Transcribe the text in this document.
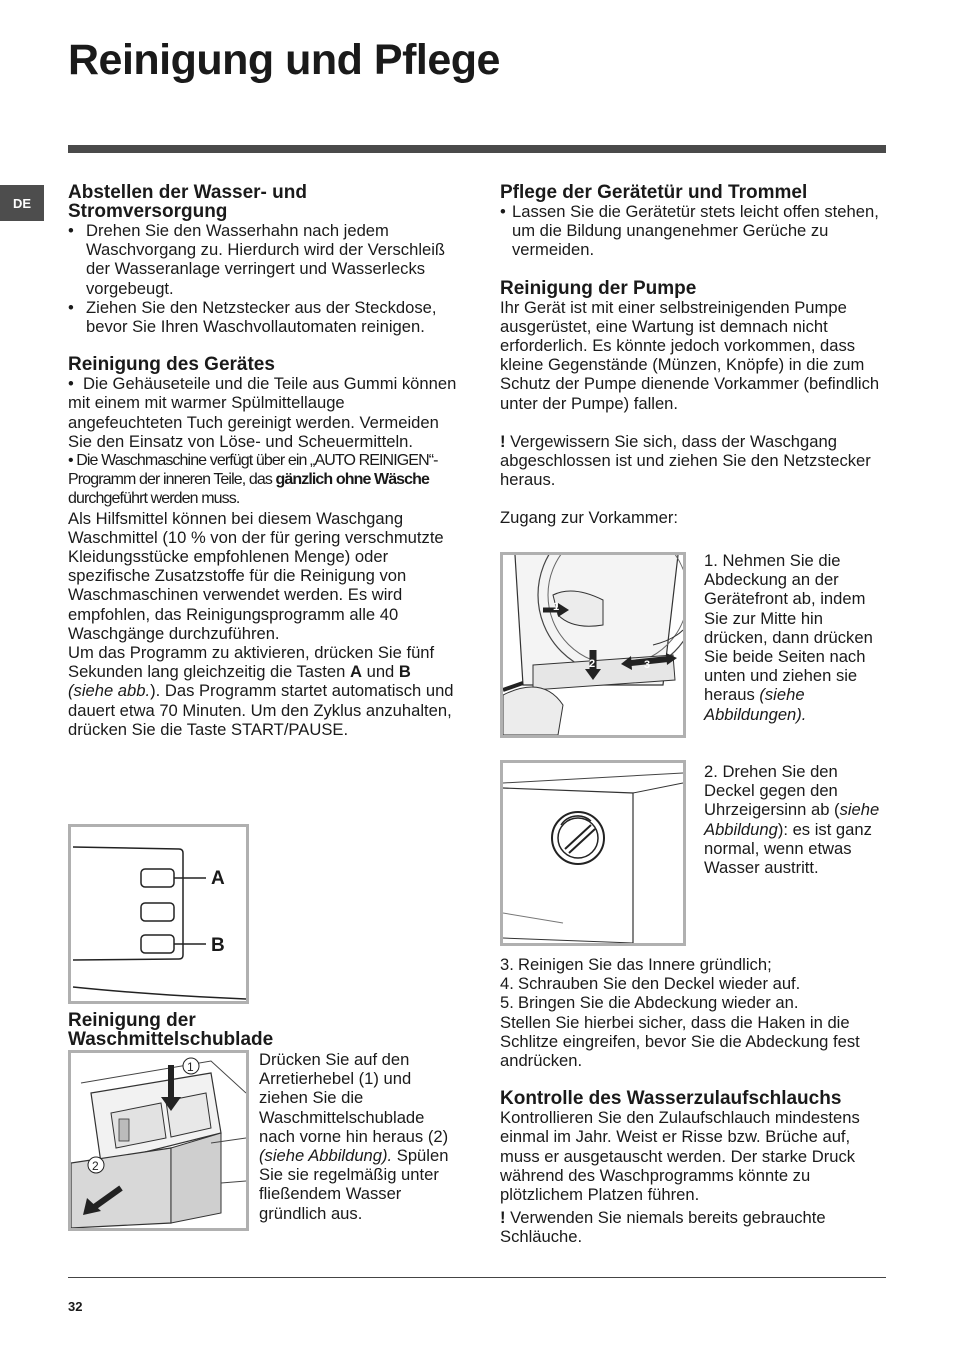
Reinigung und Pflege
DE	Abstellen der Wasser- und Stromversorgung
• Drehen Sie den Wasserhahn nach jedem Waschvorgang zu. Hierdurch wird der Verschleiß der Wasseranlage verringert und Wasserlecks vorgebeugt.
• Ziehen Sie den Netzstecker aus der Steckdose, bevor Sie Ihren Waschvollautomaten reinigen.
Reinigung des Gerätes

•  Die Gehäuseteile und die Teile aus Gummi können mit einem mit warmer Spülmittellauge angefeuchteten Tuch gereinigt werden. Vermeiden Sie den Einsatz von Löse- und Scheuermitteln.

• Die Waschmaschine verfügt über ein „AUTO REINIGEN“-Programm der inneren Teile, das gänzlich ohne Wäsche durchgeführt werden muss.

Als Hilfsmittel können bei diesem Waschgang Waschmittel (10 % von der für gering verschmutzte Kleidungsstücke empfohlenen Menge) oder spezifische Zusatzstoffe für die Reinigung von Waschmaschinen verwendet werden. Es wird empfohlen, das Reinigungsprogramm alle 40 Waschgänge durchzuführen.

Um das Programm zu aktivieren, drücken Sie fünf Sekunden lang gleichzeitig die Tasten A und B (siehe abb.). Das Programm startet automatisch und dauert etwa 70 Minuten. Um den Zyklus anzuhalten, drücken Sie die Taste START/PAUSE.

A
B
Reinigung der Waschmittelschublade
1
2
Drücken Sie auf den Arretierhebel (1) und ziehen Sie die Waschmittelschublade nach vorne hin heraus (2) (siehe Abbildung). Spülen Sie sie regelmäßig unter fließendem Wasser gründlich aus.
Pflege der Gerätetür und Trommel
• Lassen Sie die Gerätetür stets leicht offen stehen, um die Bildung unangenehmer Gerüche zu vermeiden.
Reinigung der Pumpe

Ihr Gerät ist mit einer selbstreinigenden Pumpe ausgerüstet, eine Wartung ist demnach nicht erforderlich. Es könnte jedoch vorkommen, dass kleine Gegenstände (Münzen, Knöpfe) in die zum Schutz der Pumpe dienende Vorkammer (befindlich unter der Pumpe) fallen.

! Vergewissern Sie sich, dass der Waschgang abgeschlossen ist und ziehen Sie den Netzstecker heraus.

Zugang zur Vorkammer:

1
2	3
1. Nehmen Sie die Abdeckung an der Gerätefront ab, indem Sie zur Mitte hin drücken, dann drücken Sie beide Seiten nach unten und ziehen sie heraus (siehe Abbildungen).
2. Drehen Sie den Deckel gegen den Uhrzeigersinn ab (siehe Abbildung): es ist ganz normal, wenn etwas Wasser austritt.
3. Reinigen Sie das Innere gründlich;
4. Schrauben Sie den Deckel wieder auf.
5. Bringen Sie die Abdeckung wieder an.

Stellen Sie hierbei sicher, dass die Haken in die Schlitze eingreifen, bevor Sie die Abdeckung fest andrücken.

Kontrolle des Wasserzulaufschlauchs

Kontrollieren Sie den Zulaufschlauch mindestens einmal im Jahr. Weist er Risse bzw. Brüche auf, muss er ausgetauscht werden. Der starke Druck während des Waschprogramms könnte zu plötzlichem Platzen führen.

! Verwenden Sie niemals bereits gebrauchte Schläuche.

32
